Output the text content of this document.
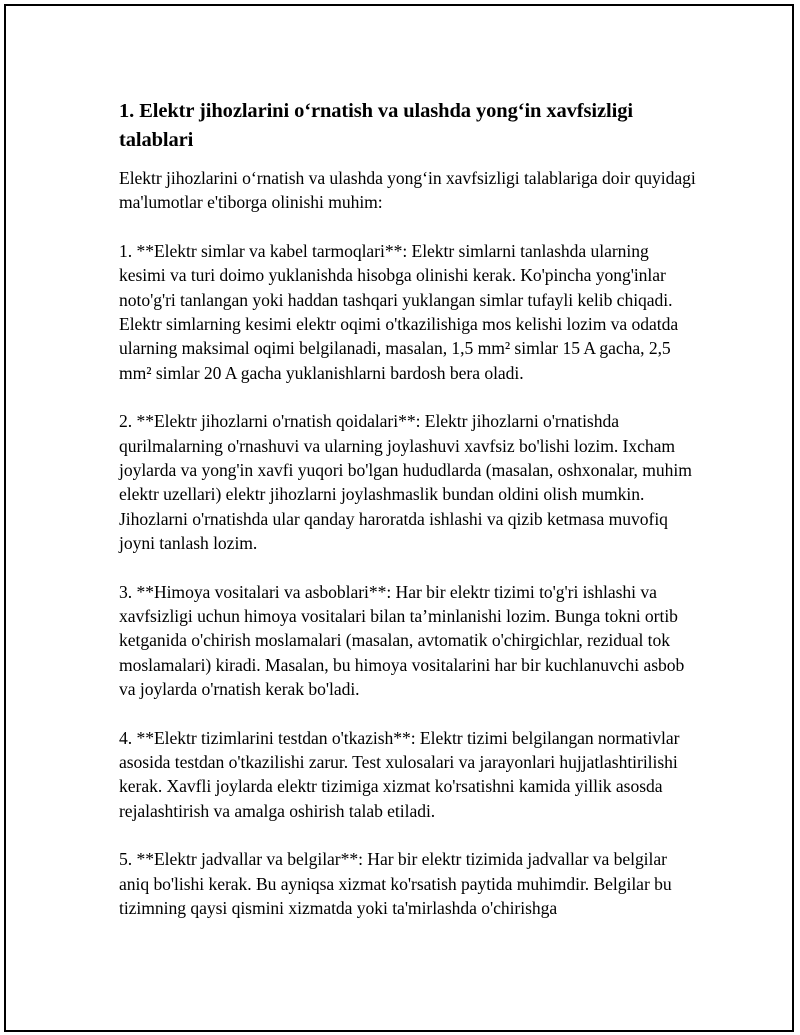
1. Elektr jihozlarini o‘rnatish va ulashda yong‘in xavfsizligi talablari

Elektr jihozlarini o‘rnatish va ulashda yong‘in xavfsizligi talablariga doir quyidagi ma'lumotlar e'tiborga olinishi muhim:

1. **Elektr simlar va kabel tarmoqlari**: Elektr simlarni tanlashda ularning kesimi va turi doimo yuklanishda hisobga olinishi kerak. Ko'pincha yong'inlar noto'g'ri tanlangan yoki haddan tashqari yuklangan simlar tufayli kelib chiqadi. Elektr simlarning kesimi elektr oqimi o'tkazilishiga mos kelishi lozim va odatda ularning maksimal oqimi belgilanadi, masalan, 1,5 mm² simlar 15 A gacha, 2,5 mm² simlar 20 A gacha yuklanishlarni bardosh bera oladi.

2. **Elektr jihozlarni o'rnatish qoidalari**: Elektr jihozlarni o'rnatishda qurilmalarning o'rnashuvi va ularning joylashuvi xavfsiz bo'lishi lozim. Ixcham joylarda va yong'in xavfi yuqori bo'lgan hududlarda (masalan, oshxonalar, muhim elektr uzellari) elektr jihozlarni joylashmaslik bundan oldini olish mumkin. Jihozlarni o'rnatishda ular qanday haroratda ishlashi va qizib ketmasa muvofiq joyni tanlash lozim.

3. **Himoya vositalari va asboblari**: Har bir elektr tizimi to'g'ri ishlashi va xavfsizligi uchun himoya vositalari bilan ta’minlanishi lozim. Bunga tokni ortib ketganida o'chirish moslamalari (masalan, avtomatik o'chirgichlar, rezidual tok moslamalari) kiradi. Masalan, bu himoya vositalarini har bir kuchlanuvchi asbob va joylarda o'rnatish kerak bo'ladi.

4. **Elektr tizimlarini testdan o'tkazish**: Elektr tizimi belgilangan normativlar asosida testdan o'tkazilishi zarur. Test xulosalari va jarayonlari hujjatlashtirilishi kerak. Xavfli joylarda elektr tizimiga xizmat ko'rsatishni kamida yillik asosda rejalashtirish va amalga oshirish talab etiladi.

5. **Elektr jadvallar va belgilar**: Har bir elektr tizimida jadvallar va belgilar aniq bo'lishi kerak. Bu ayniqsa xizmat ko'rsatish paytida muhimdir. Belgilar bu tizimning qaysi qismini xizmatda yoki ta'mirlashda o'chirishga
